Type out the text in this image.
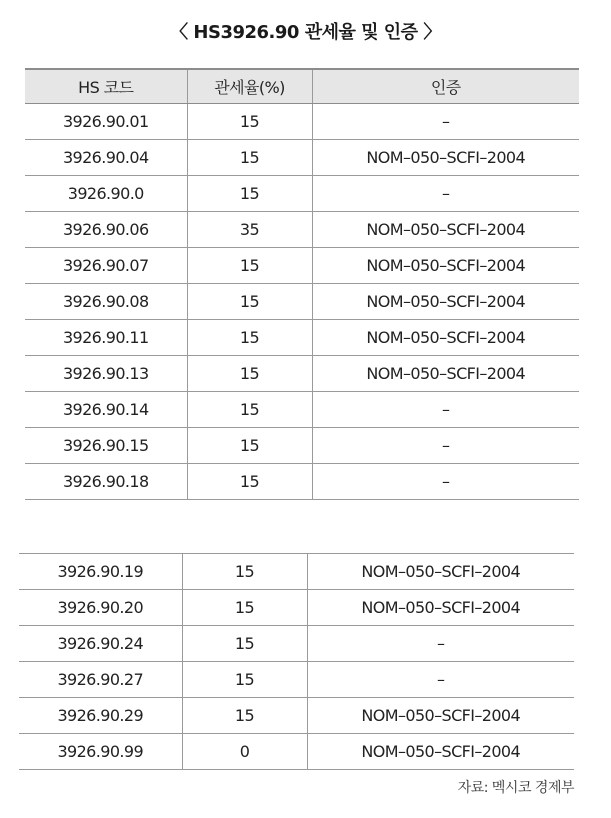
〈 HS3926.90 관세율 및 인증 〉
HS 코드	관세율(%)	인증
3926.90.01	15	–
3926.90.04	15	NOM–050–SCFI–2004
3926.90.0	15	–
3926.90.06	35	NOM–050–SCFI–2004
3926.90.07	15	NOM–050–SCFI–2004
3926.90.08	15	NOM–050–SCFI–2004
3926.90.11	15	NOM–050–SCFI–2004
3926.90.13	15	NOM–050–SCFI–2004
3926.90.14	15	–
3926.90.15	15	–
3926.90.18	15	–
3926.90.19	15	NOM–050–SCFI–2004
3926.90.20	15	NOM–050–SCFI–2004
3926.90.24	15	–
3926.90.27	15	–
3926.90.29	15	NOM–050–SCFI–2004
3926.90.99	0	NOM–050–SCFI–2004
자료: 멕시코 경제부
